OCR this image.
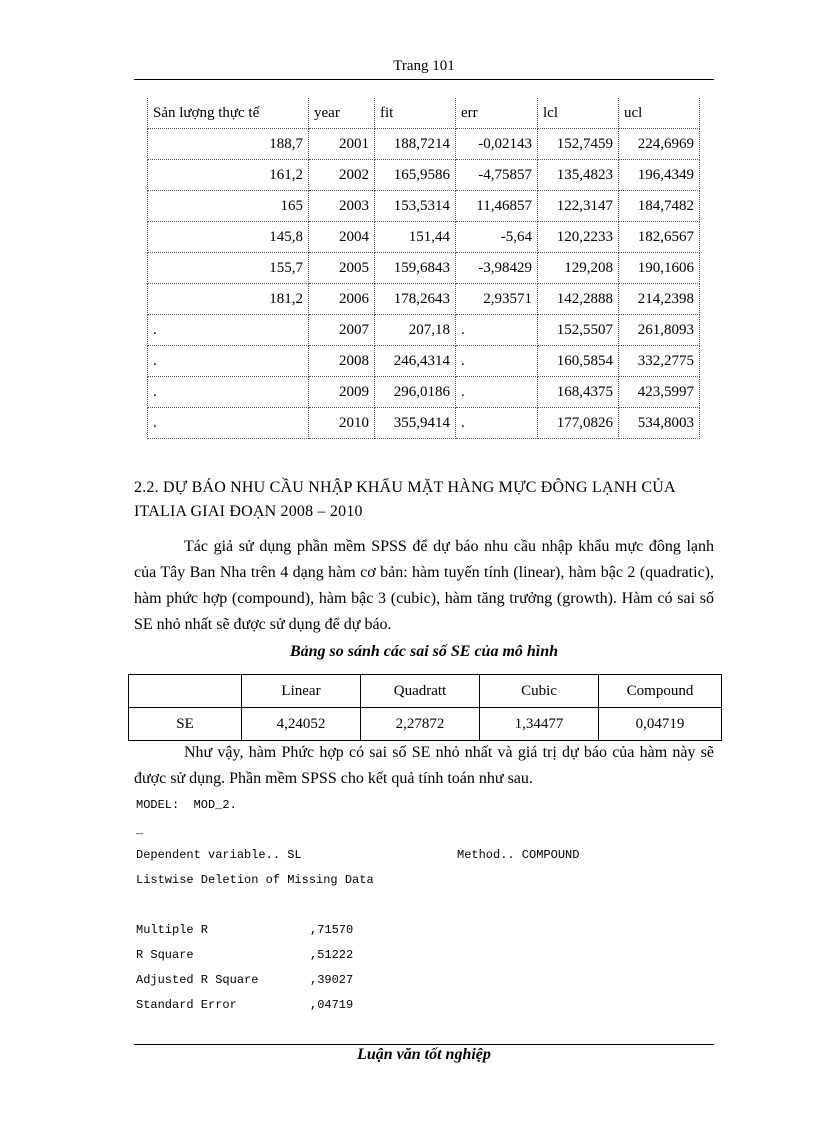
Trang 101
Sản lượng thực tế	year	fit	err	lcl	ucl
188,7	2001	188,7214	-0,02143	152,7459	224,6969
161,2	2002	165,9586	-4,75857	135,4823	196,4349
165	2003	153,5314	11,46857	122,3147	184,7482
145,8	2004	151,44	-5,64	120,2233	182,6567
155,7	2005	159,6843	-3,98429	129,208	190,1606
181,2	2006	178,2643	2,93571	142,2888	214,2398
.	2007	207,18	.	152,5507	261,8093
.	2008	246,4314	.	160,5854	332,2775
.	2009	296,0186	.	168,4375	423,5997
.	2010	355,9414	.	177,0826	534,8003
2.2. DỰ BÁO NHU CẦU NHẬP KHẨU MẶT HÀNG MỰC ĐÔNG LẠNH CỦA ITALIA GIAI ĐOẠN 2008 – 2010
Tác giả sử dụng phần mềm SPSS để dự báo nhu cầu nhập khẩu mực đông lạnh của Tây Ban Nha trên 4 dạng hàm cơ bản: hàm tuyến tính (linear), hàm bậc 2 (quadratic), hàm phức hợp (compound), hàm bậc 3 (cubic), hàm tăng trưởng (growth). Hàm có sai số SE nhỏ nhất sẽ được sử dụng để dự báo.
Bảng so sánh các sai số SE của mô hình
	Linear	Quadratt	Cubic	Compound
SE	4,24052	2,27872	1,34477	0,04719
Như vậy, hàm Phức hợp có sai số SE nhỏ nhất và giá trị dự báo của hàm này sẽ được sử dụng. Phần mềm SPSS cho kết quả tính toán như sau.
MODEL:  MOD_2.
_
Dependent variable.. SL	Method.. COMPOUND
Listwise Deletion of Missing Data
Multiple R	,71570
R Square	,51222
Adjusted R Square	,39027
Standard Error	,04719
Luận văn tốt nghiệp
